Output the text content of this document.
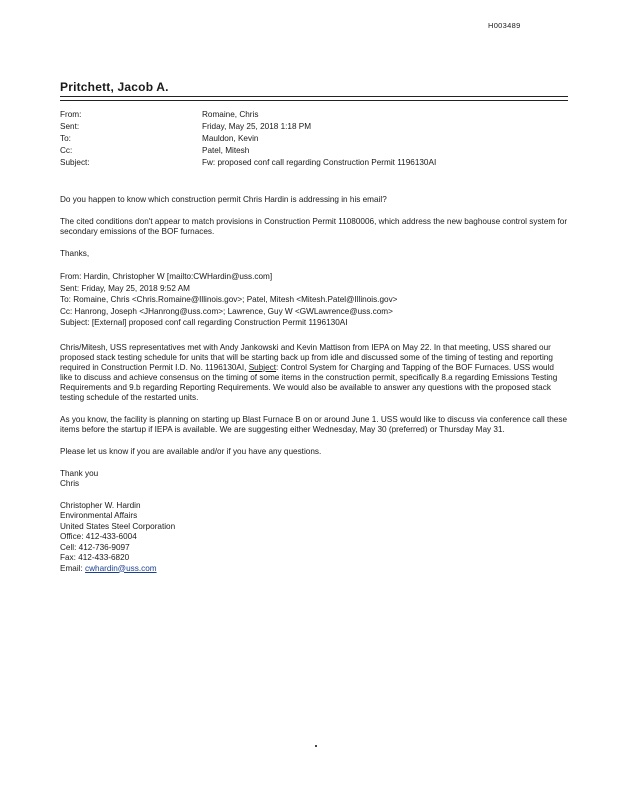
H003489
Pritchett, Jacob A.
From:	Romaine, Chris
Sent:	Friday, May 25, 2018 1:18 PM
To:	Mauldon, Kevin
Cc:	Patel, Mitesh
Subject:	Fw: proposed conf call regarding Construction Permit 1196130AI

Do you happen to know which construction permit Chris Hardin is addressing in his email?

The cited conditions don't appear to match provisions in Construction Permit 11080006, which address the new baghouse control system for secondary emissions of the BOF furnaces.

Thanks,

From: Hardin, Christopher W [mailto:CWHardin@uss.com]

Sent: Friday, May 25, 2018 9:52 AM

To: Romaine, Chris <Chris.Romaine@Illinois.gov>; Patel, Mitesh <Mitesh.Patel@Illinois.gov>

Cc: Hanrong, Joseph <JHanrong@uss.com>; Lawrence, Guy W <GWLawrence@uss.com>

Subject: [External] proposed conf call regarding Construction Permit 1196130AI

Chris/Mitesh, USS representatives met with Andy Jankowski and Kevin Mattison from IEPA on May 22. In that meeting, USS shared our proposed stack testing schedule for units that will be starting back up from idle and discussed some of the timing of testing and reporting required in Construction Permit I.D. No. 1196130AI, Subject: Control System for Charging and Tapping of the BOF Furnaces. USS would like to discuss and achieve consensus on the timing of some items in the construction permit, specifically 8.a regarding Emissions Testing Requirements and 9.b regarding Reporting Requirements. We would also be available to answer any questions with the proposed stack testing schedule of the restarted units.

As you know, the facility is planning on starting up Blast Furnace B on or around June 1. USS would like to discuss via conference call these items before the startup if IEPA is available. We are suggesting either Wednesday, May 30 (preferred) or Thursday May 31.

Please let us know if you are available and/or if you have any questions.

Thank you

Chris

Christopher W. Hardin

Environmental Affairs

United States Steel Corporation

Office: 412-433-6004

Cell: 412-736-9097

Fax: 412-433-6820

Email: cwhardin@uss.com
